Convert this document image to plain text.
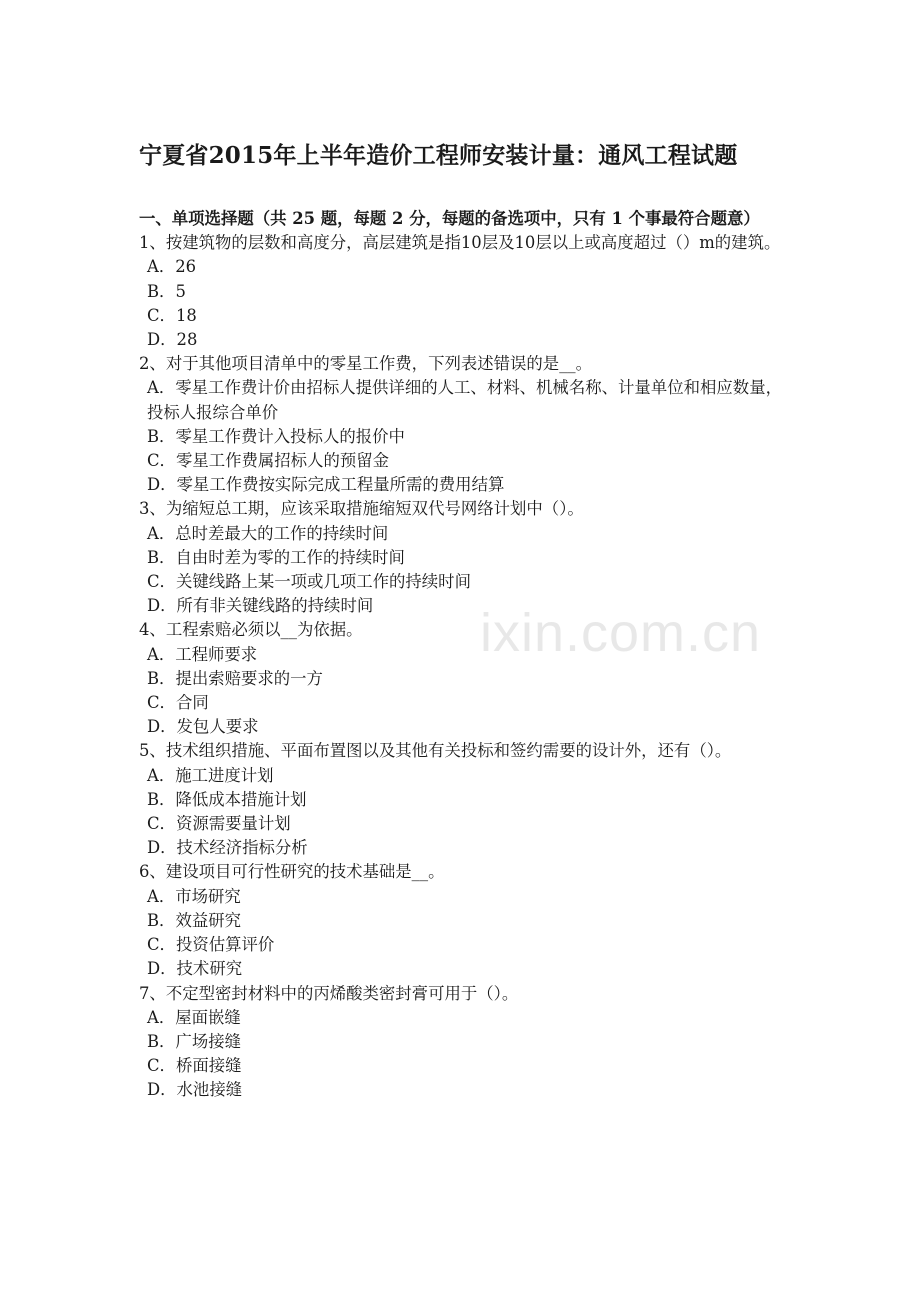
宁夏省2015年上半年造价工程师安装计量：通风工程试题
一、单项选择题（共 25 题，每题 2 分，每题的备选项中，只有 1 个事最符合题意）
1、按建筑物的层数和高度分，高层建筑是指10层及10层以上或高度超过（）m的建筑。
A．26
B．5
C．18
D．28
2、对于其他项目清单中的零星工作费，下列表述错误的是__。
A．零星工作费计价由招标人提供详细的人工、材料、机械名称、计量单位和相应数量，投标人报综合单价
B．零星工作费计入投标人的报价中
C．零星工作费属招标人的预留金
D．零星工作费按实际完成工程量所需的费用结算
3、为缩短总工期，应该采取措施缩短双代号网络计划中（）。
A．总时差最大的工作的持续时间
B．自由时差为零的工作的持续时间
C．关键线路上某一项或几项工作的持续时间
D．所有非关键线路的持续时间
4、工程索赔必须以__为依据。
A．工程师要求
B．提出索赔要求的一方
C．合同
D．发包人要求
5、技术组织措施、平面布置图以及其他有关投标和签约需要的设计外，还有（）。
A．施工进度计划
B．降低成本措施计划
C．资源需要量计划
D．技术经济指标分析
6、建设项目可行性研究的技术基础是__。
A．市场研究
B．效益研究
C．投资估算评价
D．技术研究
7、不定型密封材料中的丙烯酸类密封膏可用于（）。
A．屋面嵌缝
B．广场接缝
C．桥面接缝
D．水池接缝
ixin.com.cn
